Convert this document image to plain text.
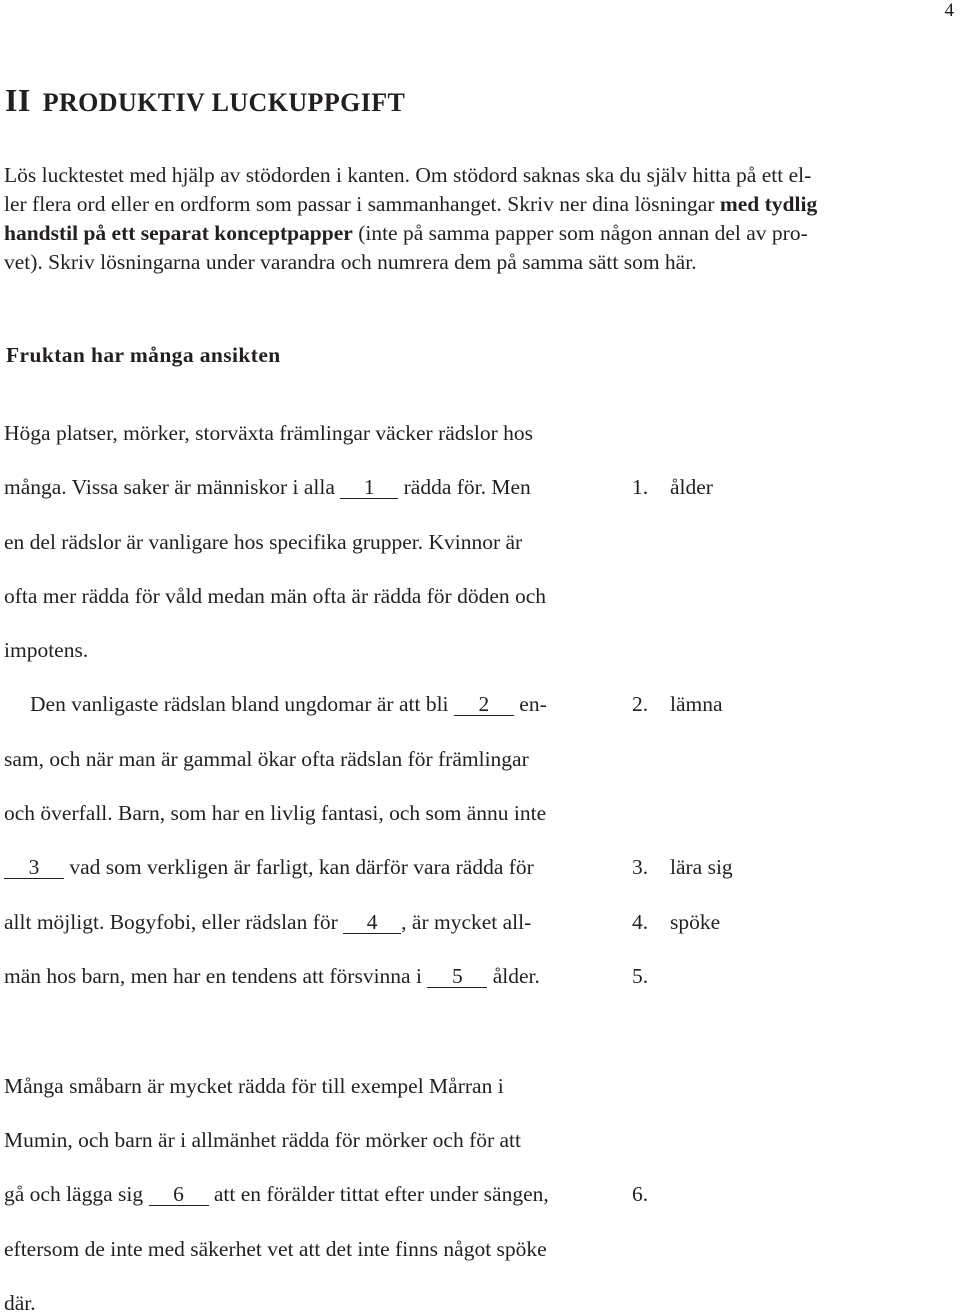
4
II PRODUKTIV LUCKUPPGIFT
Lös lucktestet med hjälp av stödorden i kanten. Om stödord saknas ska du själv hitta på ett el-
ler flera ord eller en ordform som passar i sammanhanget. Skriv ner dina lösningar med tydlig
handstil på ett separat konceptpapper (inte på samma papper som någon annan del av pro-
vet). Skriv lösningarna under varandra och numrera dem på samma sätt som här.
Fruktan har många ansikten
Höga platser, mörker, storväxta främlingar väcker rädslor hos
många. Vissa saker är människor i alla 1 rädda för. Men
en del rädslor är vanligare hos specifika grupper. Kvinnor är
ofta mer rädda för våld medan män ofta är rädda för döden och
impotens.
Den vanligaste rädslan bland ungdomar är att bli 2 en-
sam, och när man är gammal ökar ofta rädslan för främlingar
och överfall. Barn, som har en livlig fantasi, och som ännu inte
3 vad som verkligen är farligt, kan därför vara rädda för
allt möjligt. Bogyfobi, eller rädslan för 4 , är mycket all-
män hos barn, men har en tendens att försvinna i 5 ålder.
Många småbarn är mycket rädda för till exempel Mårran i
Mumin, och barn är i allmänhet rädda för mörker och för att
gå och lägga sig 6 att en förälder tittat efter under sängen,
eftersom de inte med säkerhet vet att det inte finns något spöke
där.
1. ålder
2. lämna
3. lära sig
4. spöke
5.
6.
